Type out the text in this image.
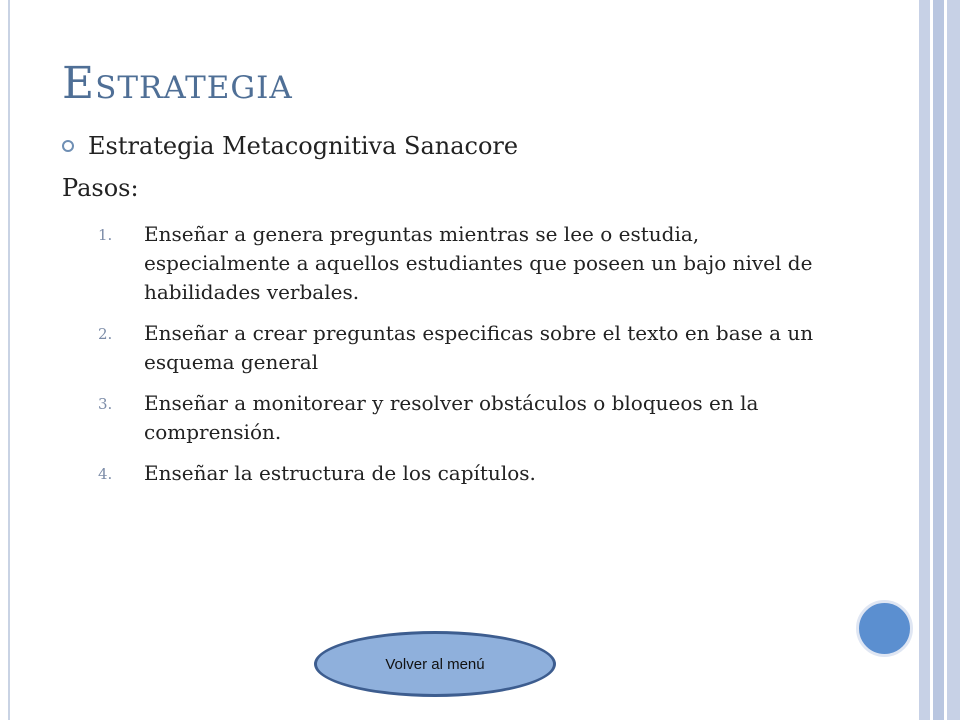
Estrategia
Estrategia Metacognitiva Sanacore
Pasos:
1.	Enseñar a genera preguntas mientras se lee o estudia, especialmente a aquellos estudiantes que poseen un bajo nivel de habilidades verbales.
2.	Enseñar a crear preguntas especificas sobre el texto en base a un esquema general
3.	Enseñar a monitorear y resolver obstáculos o bloqueos en la comprensión.
4.	Enseñar la estructura de los capítulos.
Volver al menú
